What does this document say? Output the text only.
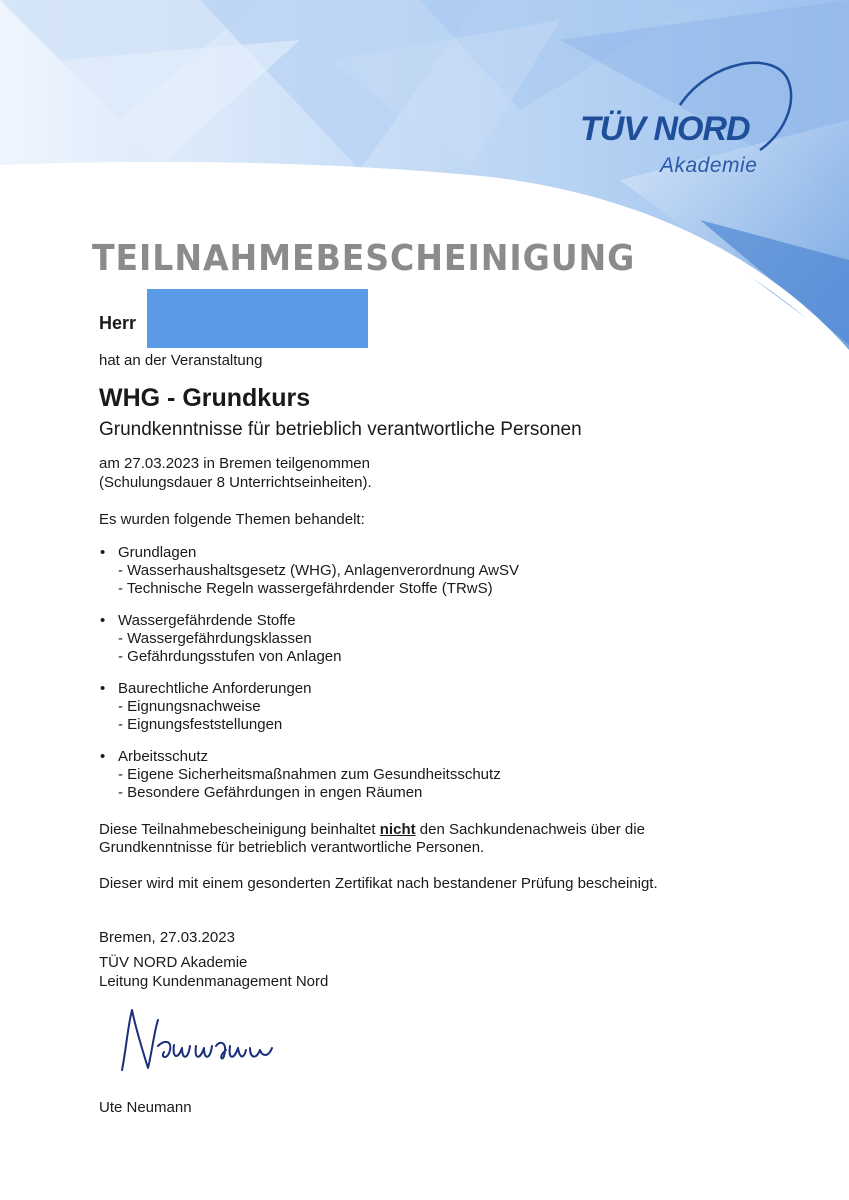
TÜV NORD
Akademie
TEILNAHMEBESCHEINIGUNG
Herr
hat an der Veranstaltung
WHG - Grundkurs
Grundkenntnisse für betrieblich verantwortliche Personen
am 27.03.2023 in Bremen teilgenommen
(Schulungsdauer 8 Unterrichtseinheiten).
Es wurden folgende Themen behandelt:
• Grundlagen
- Wasserhaushaltsgesetz (WHG), Anlagenverordnung AwSV
- Technische Regeln wassergefährdender Stoffe (TRwS)
• Wassergefährdende Stoffe
- Wassergefährdungsklassen
- Gefährdungsstufen von Anlagen
• Baurechtliche Anforderungen
- Eignungsnachweise
- Eignungsfeststellungen
• Arbeitsschutz
- Eigene Sicherheitsmaßnahmen zum Gesundheitsschutz
- Besondere Gefährdungen in engen Räumen
Diese Teilnahmebescheinigung beinhaltet nicht den Sachkundenachweis über die
Grundkenntnisse für betrieblich verantwortliche Personen.
Dieser wird mit einem gesonderten Zertifikat nach bestandener Prüfung bescheinigt.
Bremen, 27.03.2023
TÜV NORD Akademie
Leitung Kundenmanagement Nord
Ute Neumann
